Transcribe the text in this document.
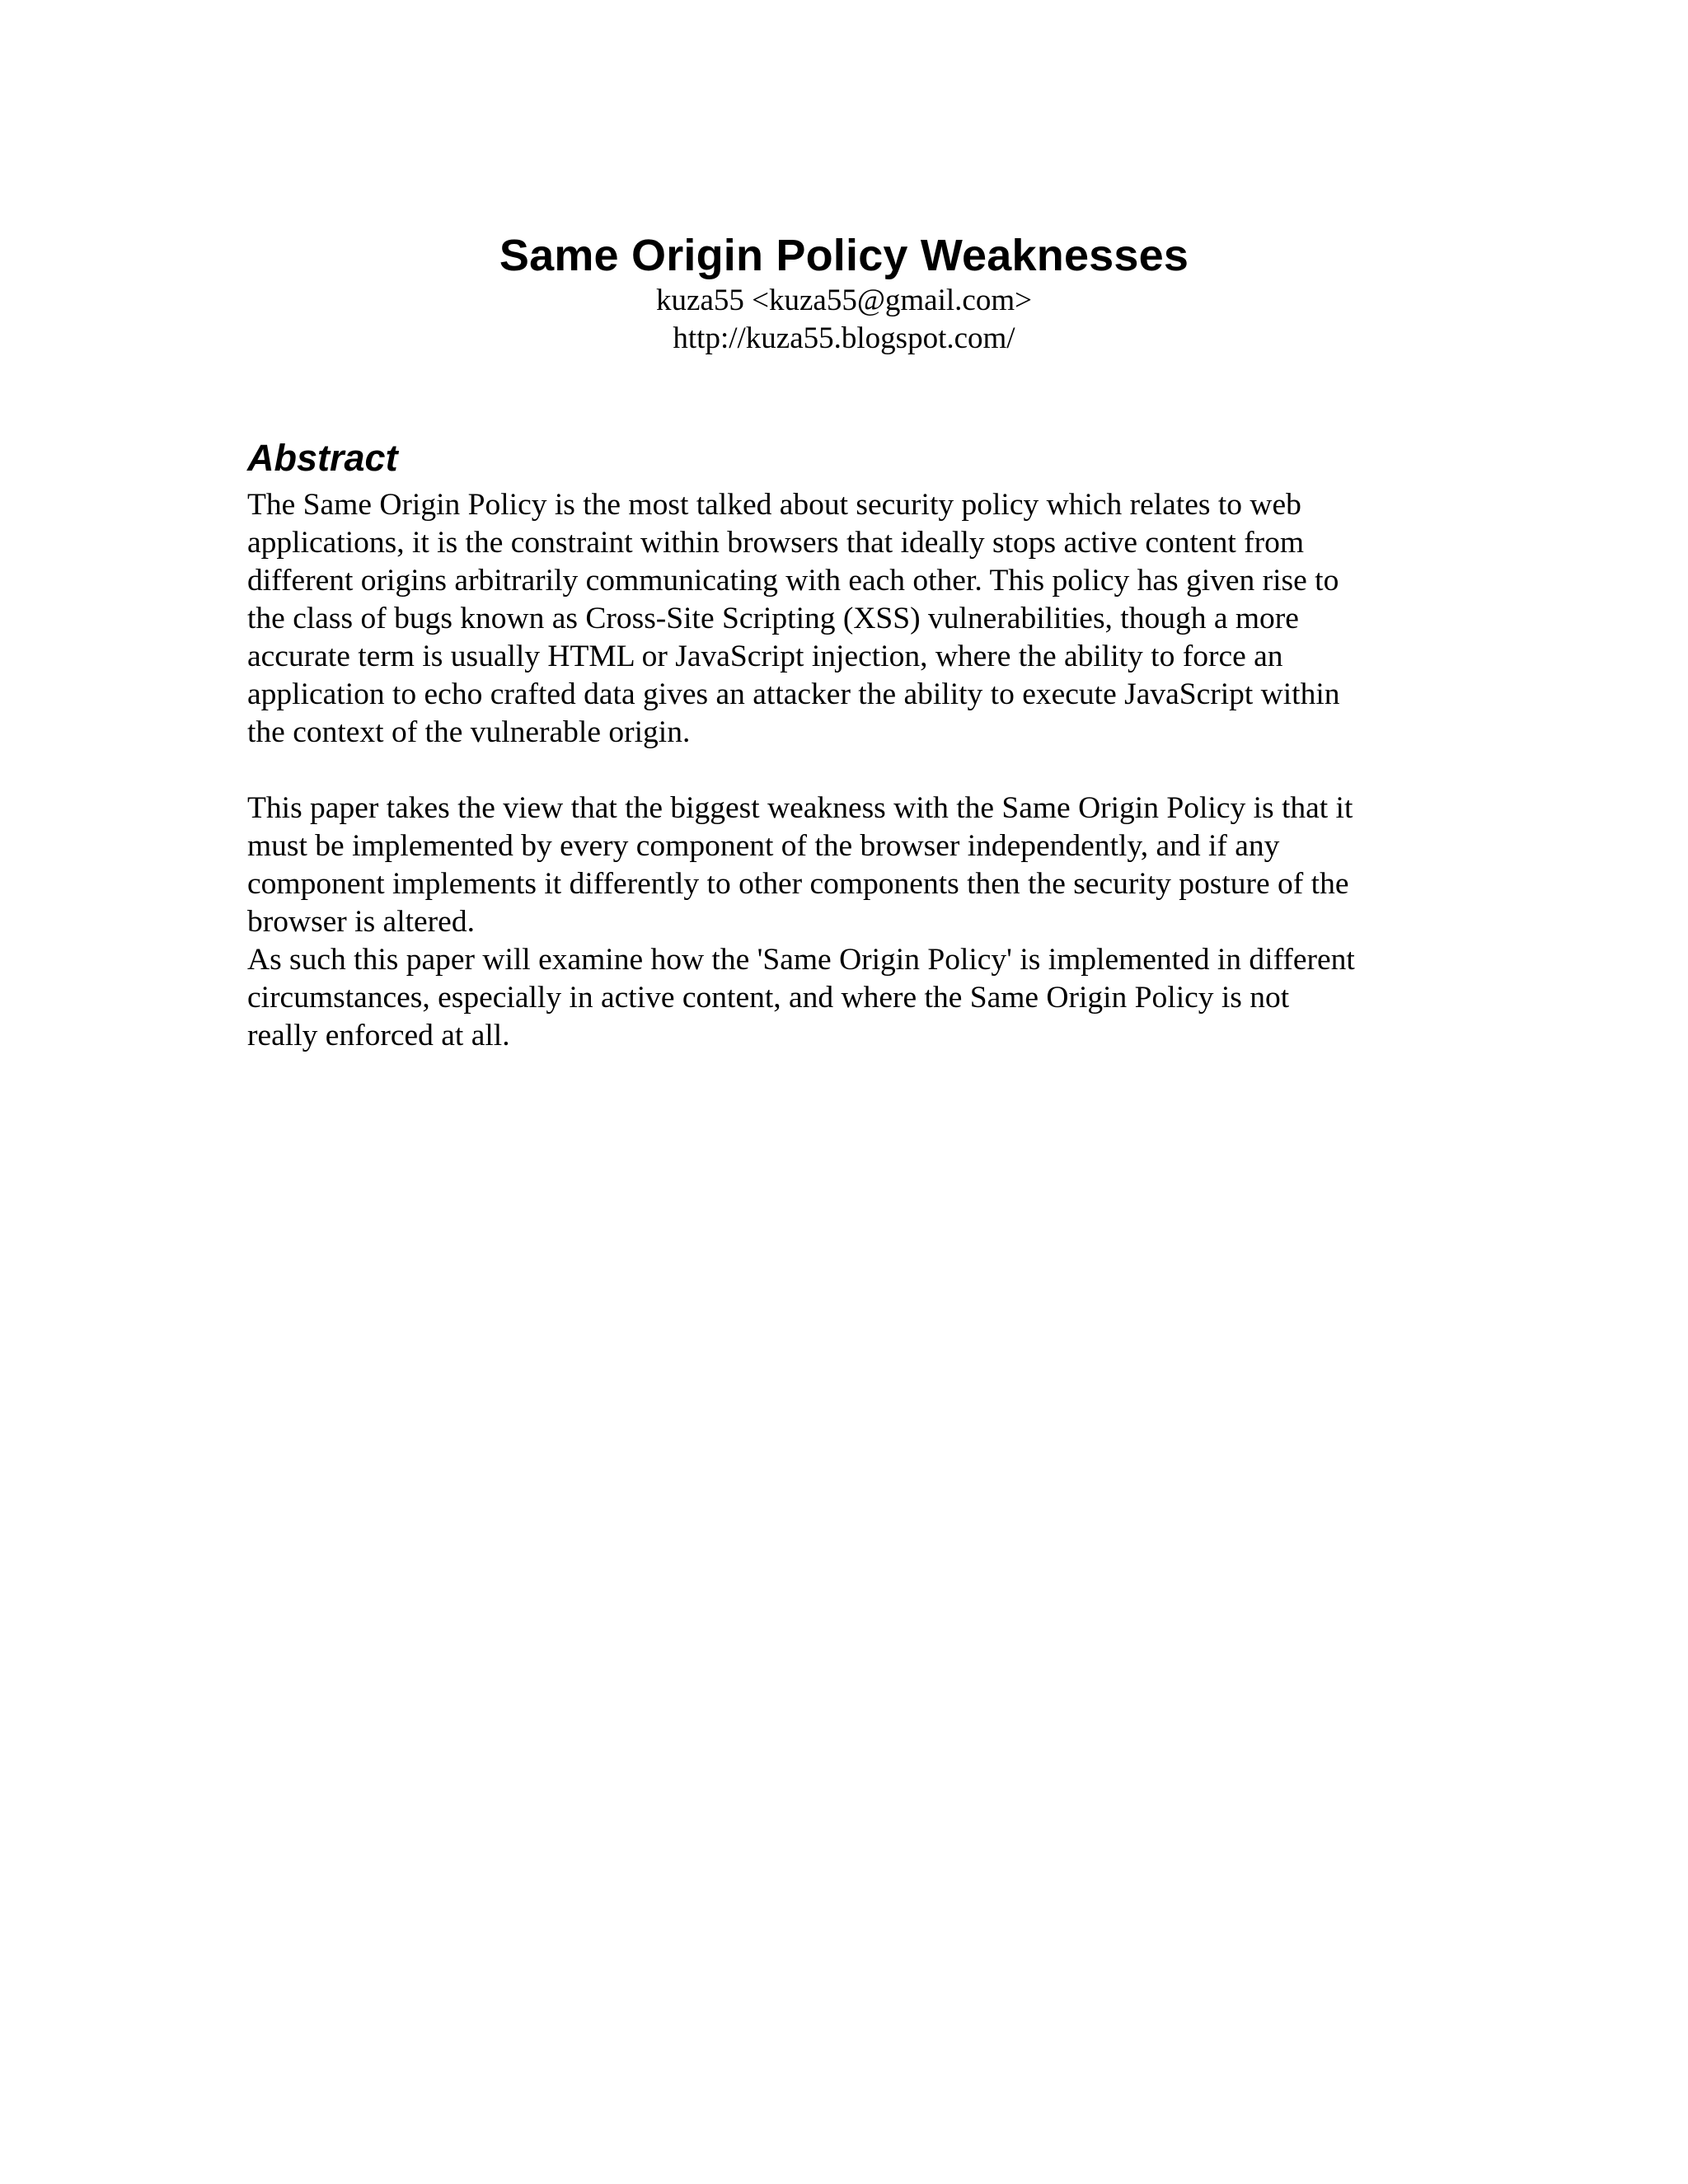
Same Origin Policy Weaknesses

kuza55 <kuza55@gmail.com>

http://kuza55.blogspot.com/

Abstract

The Same Origin Policy is the most talked about security policy which relates to web
applications, it is the constraint within browsers that ideally stops active content from
different origins arbitrarily communicating with each other. This policy has given rise to
the class of bugs known as Cross-Site Scripting (XSS) vulnerabilities, though a more
accurate term is usually HTML or JavaScript injection, where the ability to force an
application to echo crafted data gives an attacker the ability to execute JavaScript within
the context of the vulnerable origin.

This paper takes the view that the biggest weakness with the Same Origin Policy is that it
must be implemented by every component of the browser independently, and if any
component implements it differently to other components then the security posture of the
browser is altered.

As such this paper will examine how the 'Same Origin Policy' is implemented in different
circumstances, especially in active content, and where the Same Origin Policy is not
really enforced at all.
